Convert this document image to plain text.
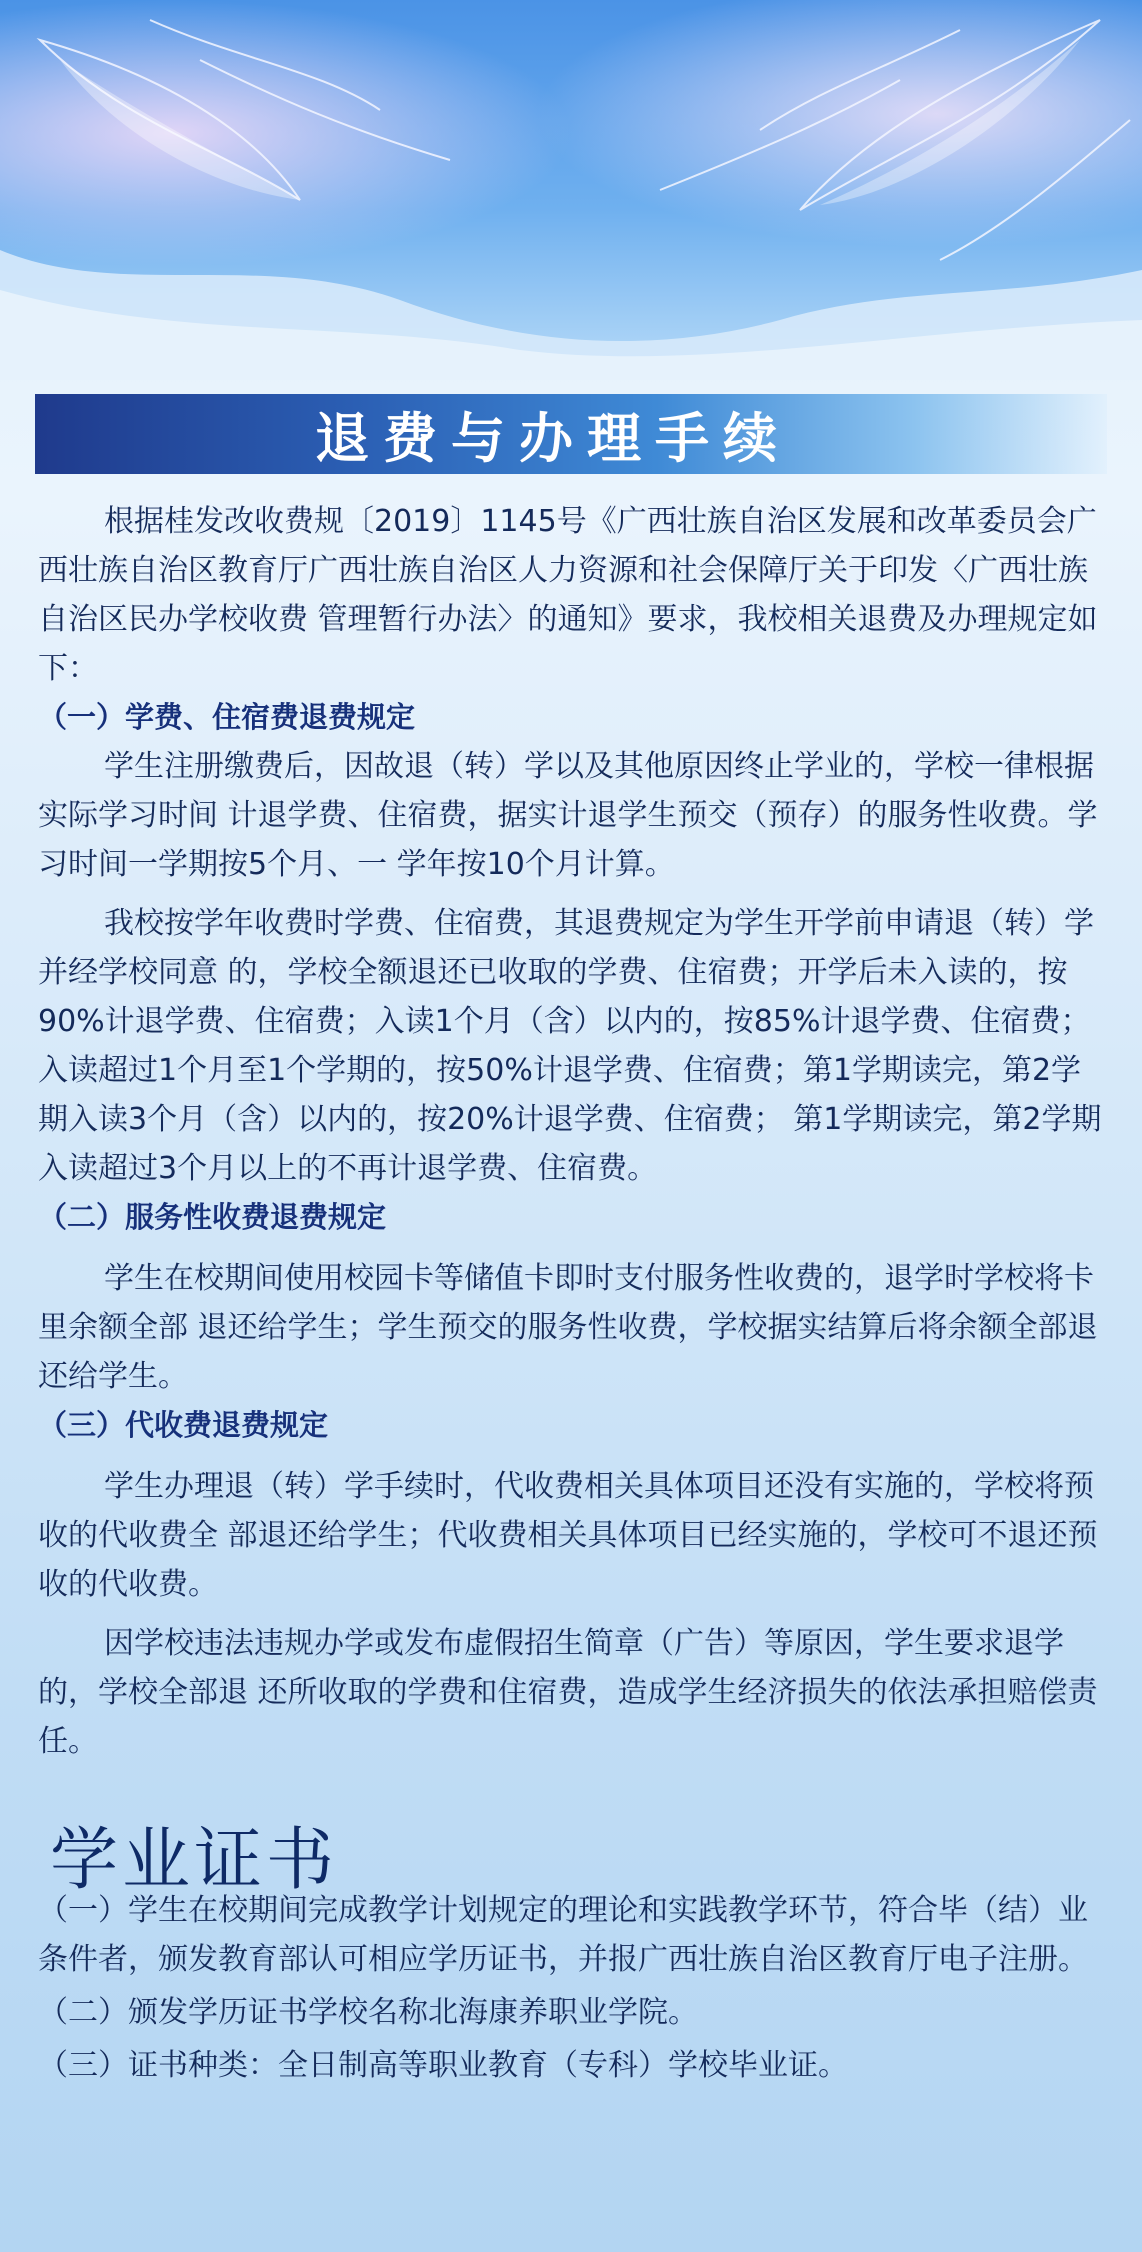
退费与办理手续

根据桂发改收费规〔2019〕1145号《广西壮族自治区发展和改革委员会广西壮族自治区教育厅广西壮族自治区人力资源和社会保障厅关于印发〈广西壮族自治区民办学校收费 管理暂行办法〉的通知》要求，我校相关退费及办理规定如下：

（一）学费、住宿费退费规定

学生注册缴费后，因故退（转）学以及其他原因终止学业的，学校一律根据实际学习时间 计退学费、住宿费，据实计退学生预交（预存）的服务性收费。学习时间一学期按5个月、一 学年按10个月计算。

我校按学年收费时学费、住宿费，其退费规定为学生开学前申请退（转）学并经学校同意 的，学校全额退还已收取的学费、住宿费；开学后未入读的，按90%计退学费、住宿费；入读1个月（含）以内的，按85%计退学费、住宿费；入读超过1个月至1个学期的，按50%计退学费、住宿费；第1学期读完，第2学期入读3个月（含）以内的，按20%计退学费、住宿费； 第1学期读完，第2学期入读超过3个月以上的不再计退学费、住宿费。

（二）服务性收费退费规定

学生在校期间使用校园卡等储值卡即时支付服务性收费的，退学时学校将卡里余额全部 退还给学生；学生预交的服务性收费，学校据实结算后将余额全部退还给学生。

（三）代收费退费规定

学生办理退（转）学手续时，代收费相关具体项目还没有实施的，学校将预收的代收费全 部退还给学生；代收费相关具体项目已经实施的，学校可不退还预收的代收费。

因学校违法违规办学或发布虚假招生简章（广告）等原因，学生要求退学的，学校全部退 还所收取的学费和住宿费，造成学生经济损失的依法承担赔偿责任。

学业证书

（一）学生在校期间完成教学计划规定的理论和实践教学环节，符合毕（结）业条件者，颁发教育部认可相应学历证书，并报广西壮族自治区教育厅电子注册。

（二）颁发学历证书学校名称北海康养职业学院。

（三）证书种类：全日制高等职业教育（专科）学校毕业证。
